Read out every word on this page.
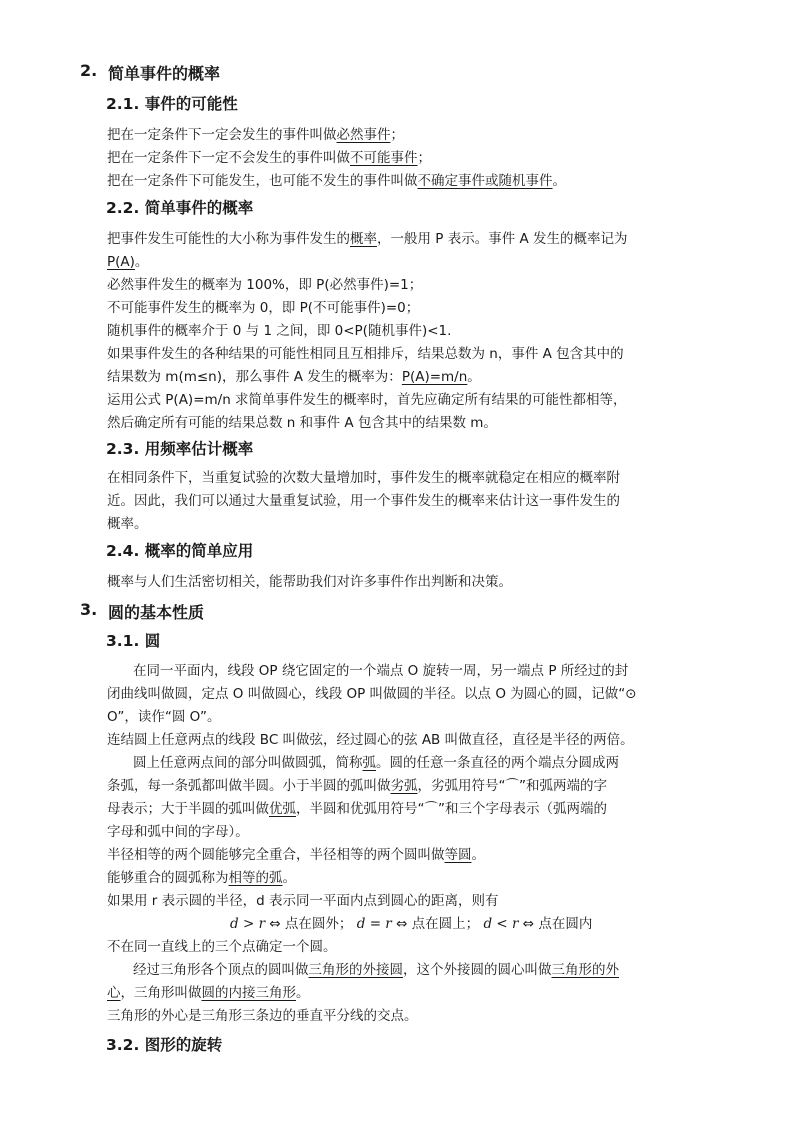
2. 简单事件的概率
2.1. 事件的可能性
把在一定条件下一定会发生的事件叫做必然事件；
把在一定条件下一定不会发生的事件叫做不可能事件；
把在一定条件下可能发生，也可能不发生的事件叫做不确定事件或随机事件。
2.2. 简单事件的概率
把事件发生可能性的大小称为事件发生的概率，一般用 P 表示。事件 A 发生的概率记为
P(A)。
必然事件发生的概率为 100%，即 P(必然事件)=1；
不可能事件发生的概率为 0，即 P(不可能事件)=0；
随机事件的概率介于 0 与 1 之间，即 0<P(随机事件)<1.
如果事件发生的各种结果的可能性相同且互相排斥，结果总数为 n，事件 A 包含其中的
结果数为 m(m≤n)，那么事件 A 发生的概率为：P(A)=m/n。
运用公式 P(A)=m/n 求简单事件发生的概率时，首先应确定所有结果的可能性都相等，
然后确定所有可能的结果总数 n 和事件 A 包含其中的结果数 m。
2.3. 用频率估计概率
在相同条件下，当重复试验的次数大量增加时，事件发生的概率就稳定在相应的概率附
近。因此，我们可以通过大量重复试验，用一个事件发生的概率来估计这一事件发生的
概率。
2.4. 概率的简单应用
概率与人们生活密切相关，能帮助我们对许多事件作出判断和决策。
3. 圆的基本性质
3.1. 圆
在同一平面内，线段 OP 绕它固定的一个端点 O 旋转一周，另一端点 P 所经过的封
闭曲线叫做圆，定点 O 叫做圆心，线段 OP 叫做圆的半径。以点 O 为圆心的圆，记做“⊙
O”，读作“圆 O”。
连结圆上任意两点的线段 BC 叫做弦，经过圆心的弦 AB 叫做直径，直径是半径的两倍。
圆上任意两点间的部分叫做圆弧，简称弧。圆的任意一条直径的两个端点分圆成两
条弧，每一条弧都叫做半圆。小于半圆的弧叫做劣弧，劣弧用符号“⌒”和弧两端的字
母表示；大于半圆的弧叫做优弧，半圆和优弧用符号“⌒”和三个字母表示（弧两端的
字母和弧中间的字母）。
半径相等的两个圆能够完全重合，半径相等的两个圆叫做等圆。
能够重合的圆弧称为相等的弧。
如果用 r 表示圆的半径，d 表示同一平面内点到圆心的距离，则有
d > r ⇔ 点在圆外； d = r ⇔ 点在圆上； d < r ⇔ 点在圆内
不在同一直线上的三个点确定一个圆。
经过三角形各个顶点的圆叫做三角形的外接圆，这个外接圆的圆心叫做三角形的外
心，三角形叫做圆的内接三角形。
三角形的外心是三角形三条边的垂直平分线的交点。
3.2. 图形的旋转
